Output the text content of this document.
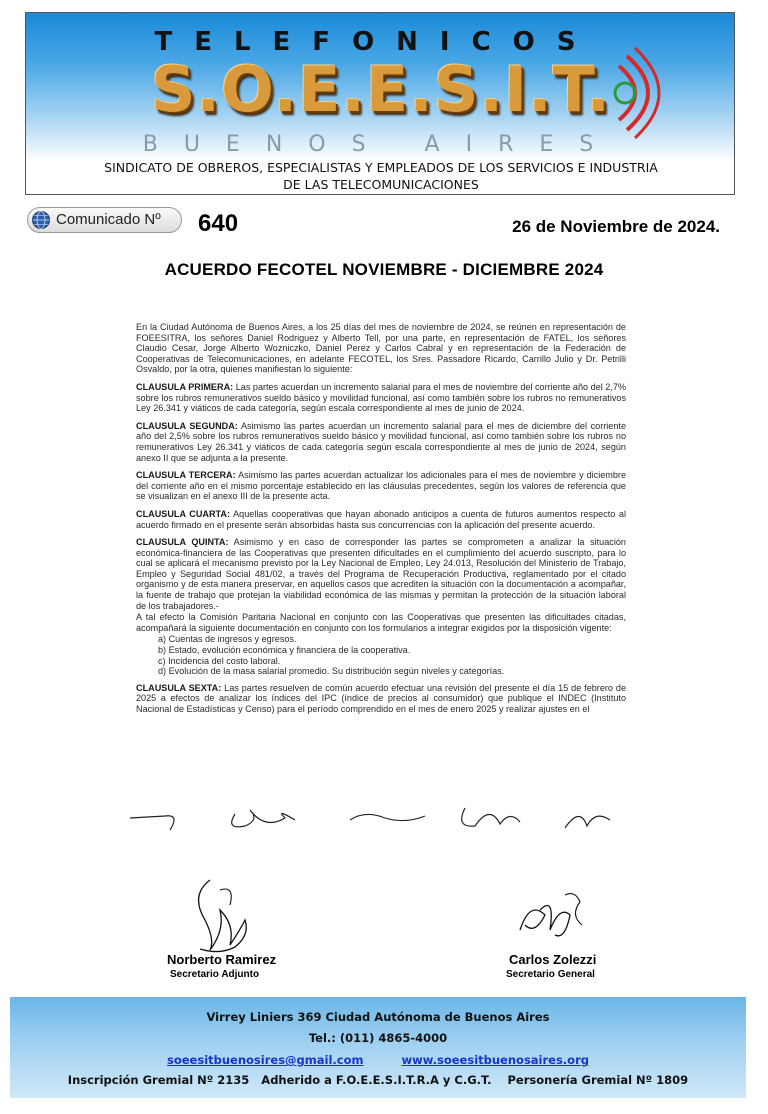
TELEFONICOS
S.O.E.E.S.I.T.
BUENOS AIRES
SINDICATO DE OBREROS, ESPECIALISTAS Y EMPLEADOS DE LOS SERVICIOS E INDUSTRIA
DE LAS TELECOMUNICACIONES
Comunicado Nº 640	26 de Noviembre de 2024.
ACUERDO FECOTEL NOVIEMBRE - DICIEMBRE 2024

En la Ciudad Autónoma de Buenos Aires, a los 25 días del mes de noviembre de 2024, se reúnen en representación de FOEESITRA, los señores Daniel Rodriguez y Alberto Tell, por una parte, en representación de FATEL, los señores Claudio Cesar, Jorge Alberto Wozniczko, Daniel Perez y Carlos Cabral y en representación de la Federación de Cooperativas de Telecomunicaciones, en adelante FECOTEL, los Sres. Passadore Ricardo, Carrillo Julio y Dr. Petrilli Osvaldo, por la otra, quienes manifiestan lo siguiente:

CLAUSULA PRIMERA: Las partes acuerdan un incremento salarial para el mes de noviembre del corriente año del 2,7% sobre los rubros remunerativos sueldo básico y movilidad funcional, así como también sobre los rubros no remunerativos Ley 26.341 y viáticos de cada categoría, según escala correspondiente al mes de junio de 2024.

CLAUSULA SEGUNDA: Asimismo las partes acuerdan un incremento salarial para el mes de diciembre del corriente año del 2,5% sobre los rubros remunerativos sueldo básico y movilidad funcional, así como también sobre los rubros no remunerativos Ley 26.341 y viáticos de cada categoría según escala correspondiente al mes de junio de 2024, según anexo II que se adjunta a la presente.

CLAUSULA TERCERA: Asimismo las partes acuerdan actualizar los adicionales para el mes de noviembre y diciembre del corriente año en el mismo porcentaje establecido en las cláusulas precedentes, según los valores de referencia que se visualizan en el anexo III de la presente acta.

CLAUSULA CUARTA: Aquellas cooperativas que hayan abonado anticipos a cuenta de futuros aumentos respecto al acuerdo firmado en el presente serán absorbidas hasta sus concurrencias con la aplicación del presente acuerdo.

CLAUSULA QUINTA: Asimismo y en caso de corresponder las partes se comprometen a analizar la situación económica-financiera de las Cooperativas que presenten dificultades en el cumplimiento del acuerdo suscripto, para lo cual se aplicará el mecanismo previsto por la Ley Nacional de Empleo, Ley 24.013, Resolución del Ministerio de Trabajo, Empleo y Seguridad Social 481/02, a través del Programa de Recuperación Productiva, reglamentado por el citado organismo y de esta manera preservar, en aquellos casos que acrediten la situación con la documentación a acompañar, la fuente de trabajo que protejan la viabilidad económica de las mismas y permitan la protección de la situación laboral de los trabajadores.-

A tal efecto la Comisión Paritaria Nacional en conjunto con las Cooperativas que presenten las dificultades citadas, acompañará la siguiente documentación en conjunto con los formularios a integrar exigidos por la disposición vigente:

a) Cuentas de ingresos y egresos.
b) Estado, evolución económica y financiera de la cooperativa.
c) Incidencia del costo laboral.
d) Evolución de la masa salarial promedio. Su distribución según niveles y categorías.

CLAUSULA SEXTA: Las partes resuelven de común acuerdo efectuar una revisión del presente el día 15 de febrero de 2025 a efectos de analizar los índices del IPC (índice de precios al consumidor) que publique el INDEC (Instituto Nacional de Estadísticas y Censo) para el período comprendido en el mes de enero 2025 y realizar ajustes en el

Norberto Ramirez
Secretario Adjunto
Carlos Zolezzi
Secretario General
Virrey Liniers 369 Ciudad Autónoma de Buenos Aires
Tel.: (011) 4865-4000
soeesitbuenosires@gmail.com	www.soeesitbuenosaires.org
Inscripción Gremial Nº 2135   Adherido a F.O.E.E.S.I.T.R.A y C.G.T.    Personería Gremial Nº 1809
